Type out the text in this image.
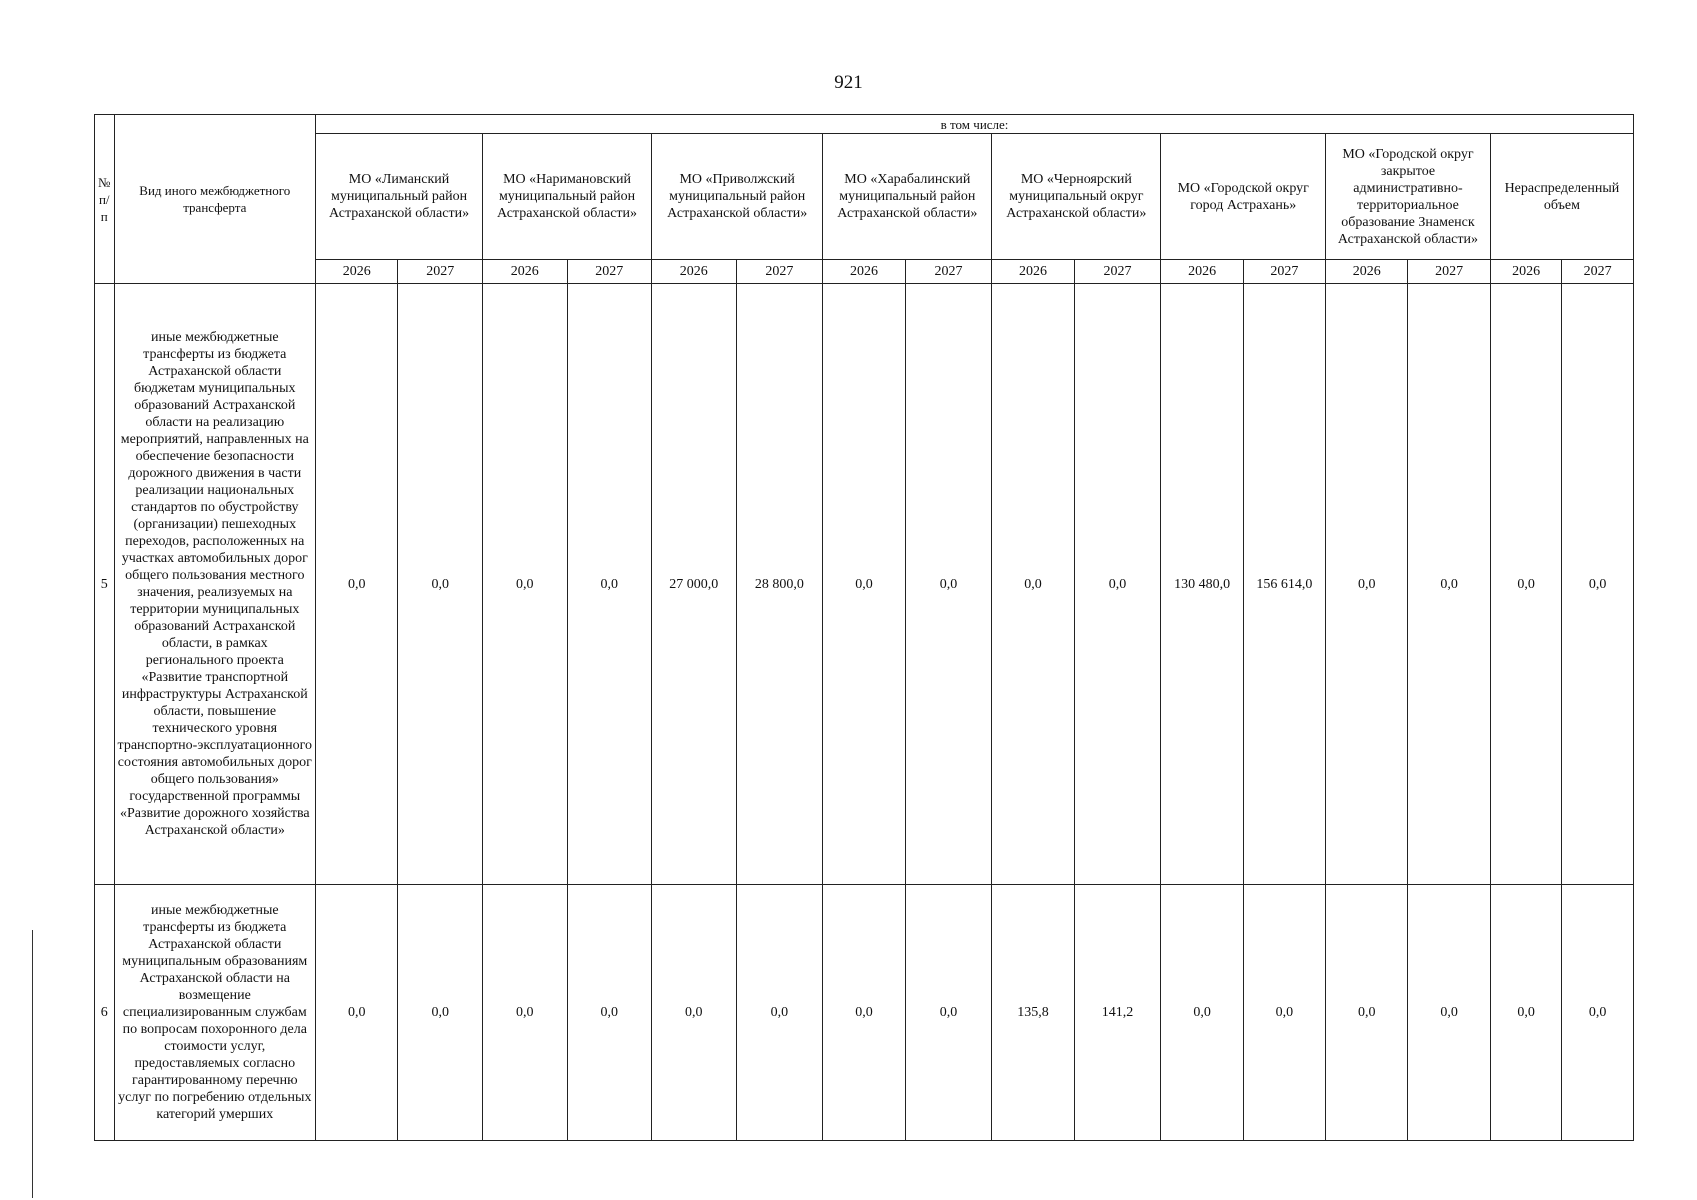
921
№ п/п	Вид иного межбюджетного трансферта	в том числе:															
		МО «Лиманский муниципальный район Астраханской области»		МО «Наримановский муниципальный район Астраханской области»		МО «Приволжский муниципальный район Астраханской области»		МО «Харабалинский муниципальный район Астраханской области»		МО «Черноярский муниципальный округ Астраханской области»		МО «Городской округ город Астрахань»		МО «Городской округ закрытое административно-территориальное образование Знаменск Астраханской области»		Нераспределенный объем	
		2026	2027	2026	2027	2026	2027	2026	2027	2026	2027	2026	2027	2026	2027	2026	2027
5	иные межбюджетные трансферты из бюджета Астраханской области бюджетам муниципальных образований Астраханской области на реализацию мероприятий, направленных на обеспечение безопасности дорожного движения в части реализации национальных стандартов по обустройству (организации) пешеходных переходов, расположенных на участках автомобильных дорог общего пользования местного значения, реализуемых на территории муниципальных образований Астраханской области, в рамках регионального проекта «Развитие транспортной инфраструктуры Астраханской области, повышение технического уровня транспортно-эксплуатационного состояния автомобильных дорог общего пользования» государственной программы «Развитие дорожного хозяйства Астраханской области»	0,0	0,0	0,0	0,0	27 000,0	28 800,0	0,0	0,0	0,0	0,0	130 480,0	156 614,0	0,0	0,0	0,0	0,0
6	иные межбюджетные трансферты из бюджета Астраханской области муниципальным образованиям Астраханской области на возмещение специализированным службам по вопросам похоронного дела стоимости услуг, предоставляемых согласно гарантированному перечню услуг по погребению отдельных категорий умерших	0,0	0,0	0,0	0,0	0,0	0,0	0,0	0,0	135,8	141,2	0,0	0,0	0,0	0,0	0,0	0,0
